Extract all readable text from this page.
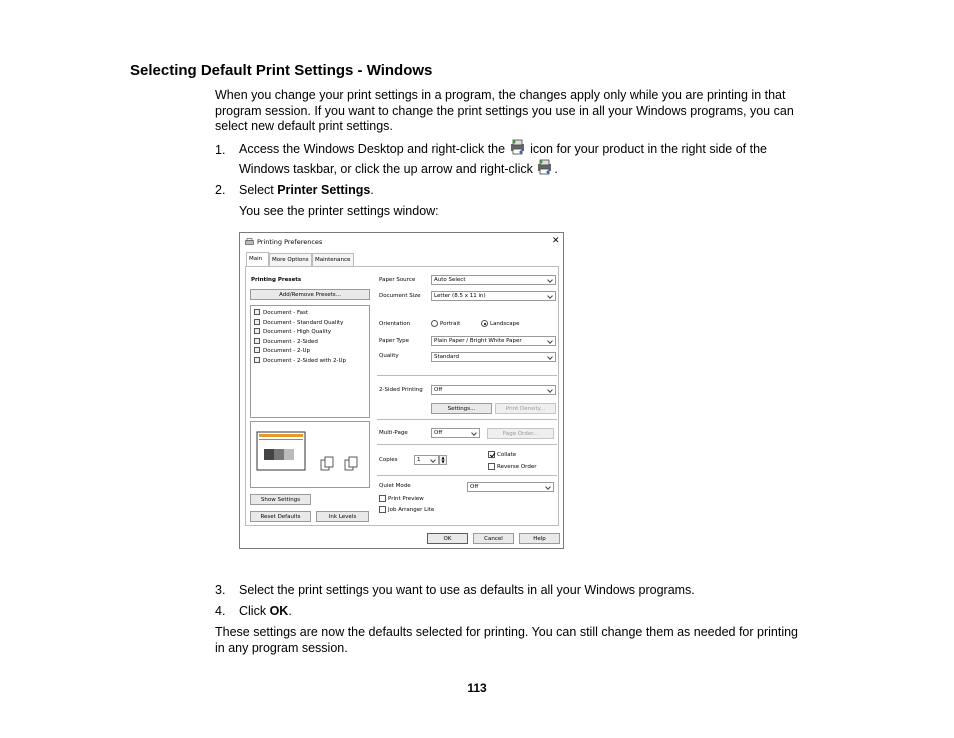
Selecting Default Print Settings - Windows
When you change your print settings in a program, the changes apply only while you are printing in that program session. If you want to change the print settings you use in all your Windows programs, you can select new default print settings.
1.	Access the Windows Desktop and right-click the icon for your product in the right side of the
Windows taskbar, or click the up arrow and right-click .
2.	Select Printer Settings.
You see the printer settings window:
Printing Preferences	✕
Main	More Options	Maintenance
Printing Presets
Add/Remove Presets...
Document - Fast
Document - Standard Quality
Document - High Quality
Document - 2-Sided
Document - 2-Up
Document - 2-Sided with 2-Up
Show Settings
Reset Defaults	Ink Levels
Paper Source	Auto Select
Document Size	Letter (8.5 x 11 in)
Orientation	Portrait	Landscape
Paper Type	Plain Paper / Bright White Paper
Quality	Standard
2-Sided Printing	Off
Settings...	Print Density...
Multi-Page	Off	Page Order...
Copies	1	▲
▼
Collate
Reverse Order
Quiet Mode	Off
Print Preview
Job Arranger Lite
OK	Cancel	Help
3.	Select the print settings you want to use as defaults in all your Windows programs.
4.	Click OK.
These settings are now the defaults selected for printing. You can still change them as needed for printing in any program session.
113
